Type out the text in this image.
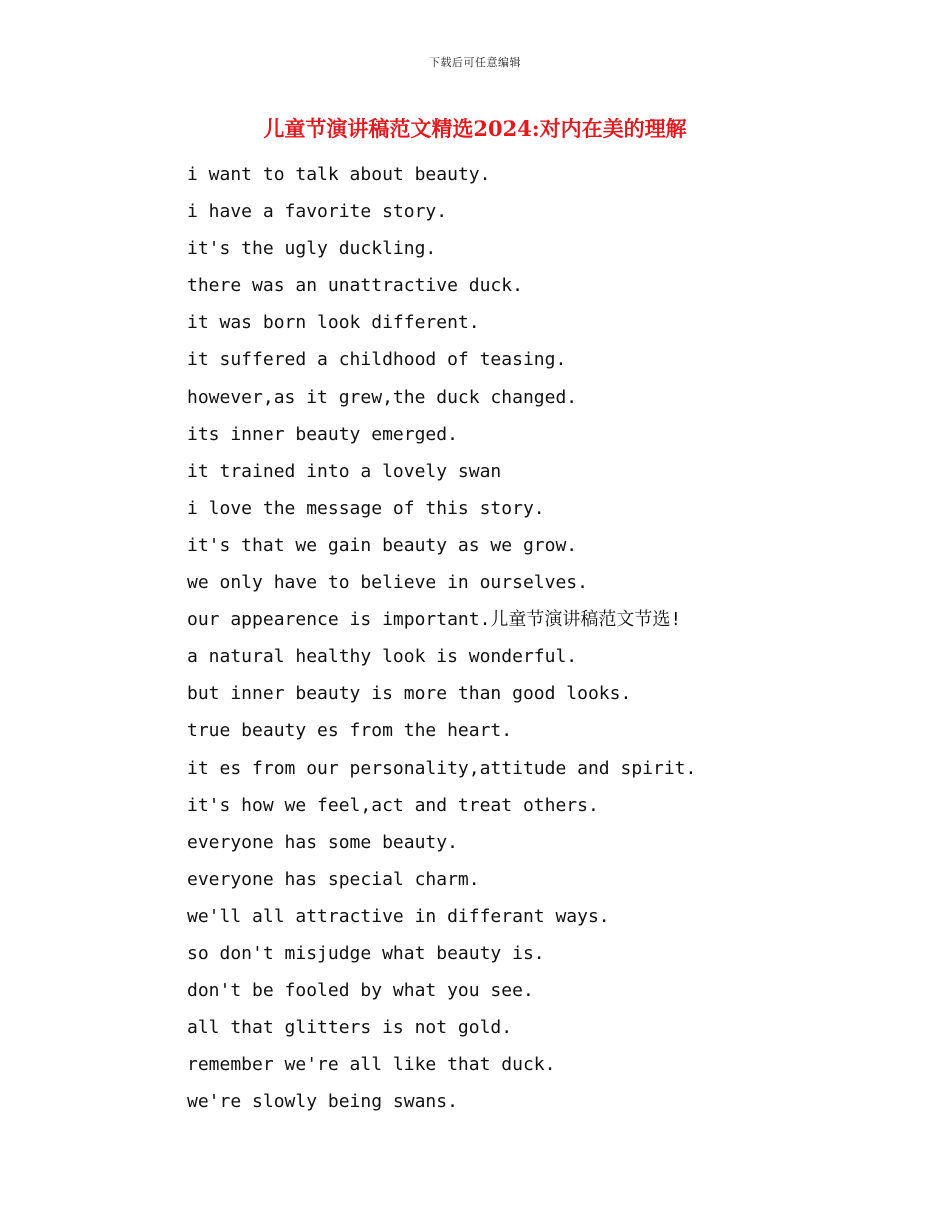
下载后可任意编辑
儿童节演讲稿范文精选2024:对内在美的理解
i want to talk about beauty.
i have a favorite story.
it's the ugly duckling.
there was an unattractive duck.
it was born look different.
it suffered a childhood of teasing.
however,as it grew,the duck changed.
its inner beauty emerged.
it trained into a lovely swan
i love the message of this story.
it's that we gain beauty as we grow.
we only have to believe in ourselves.
our appearence is important.儿童节演讲稿范文节选!
a natural healthy look is wonderful.
but inner beauty is more than good looks.
true beauty es from the heart.
it es from our personality,attitude and spirit.
it's how we feel,act and treat others.
everyone has some beauty.
everyone has special charm.
we'll all attractive in differant ways.
so don't misjudge what beauty is.
don't be fooled by what you see.
all that glitters is not gold.
remember we're all like that duck.
we're slowly being swans.
